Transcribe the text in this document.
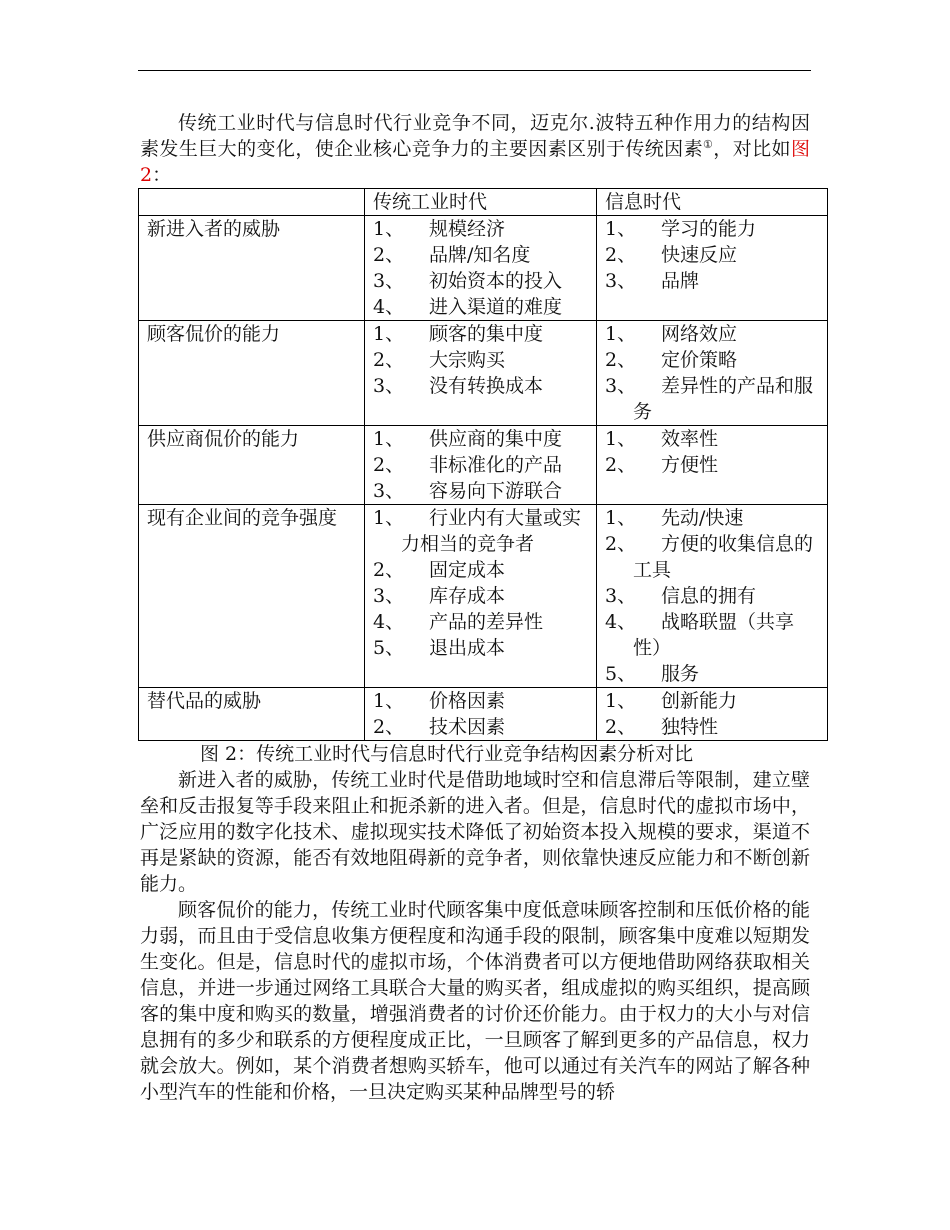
传统工业时代与信息时代行业竞争不同，迈克尔.波特五种作用力的结构因素发生巨大的变化，使企业核心竞争力的主要因素区别于传统因素①，对比如图 2：

	传统工业时代	信息时代
新进入者的威胁	1、 规模经济
2、 品牌/知名度
3、 初始资本的投入
4、 进入渠道的难度	1、 学习的能力
2、 快速反应
3、 品牌

顾客侃价的能力	1、 顾客的集中度
2、 大宗购买
3、 没有转换成本	1、 网络效应
2、 定价策略
3、 差异性的产品和服务

供应商侃价的能力	1、 供应商的集中度
2、 非标准化的产品
3、 容易向下游联合	1、 效率性
2、 方便性

现有企业间的竞争强度	1、 行业内有大量或实力相当的竞争者
2、 固定成本
3、 库存成本
4、 产品的差异性
5、 退出成本	1、 先动/快速
2、 方便的收集信息的工具
3、 信息的拥有
4、 战略联盟（共享性）
5、 服务

替代品的威胁	1、 价格因素
2、 技术因素	1、 创新能力
2、 独特性
图 2：传统工业时代与信息时代行业竞争结构因素分析对比

新进入者的威胁，传统工业时代是借助地域时空和信息滞后等限制，建立壁垒和反击报复等手段来阻止和扼杀新的进入者。但是，信息时代的虚拟市场中，广泛应用的数字化技术、虚拟现实技术降低了初始资本投入规模的要求，渠道不再是紧缺的资源，能否有效地阻碍新的竞争者，则依靠快速反应能力和不断创新能力。

顾客侃价的能力，传统工业时代顾客集中度低意味顾客控制和压低价格的能力弱，而且由于受信息收集方便程度和沟通手段的限制，顾客集中度难以短期发生变化。但是，信息时代的虚拟市场，个体消费者可以方便地借助网络获取相关信息，并进一步通过网络工具联合大量的购买者，组成虚拟的购买组织，提高顾客的集中度和购买的数量，增强消费者的讨价还价能力。由于权力的大小与对信息拥有的多少和联系的方便程度成正比，一旦顾客了解到更多的产品信息，权力就会放大。例如，某个消费者想购买轿车，他可以通过有关汽车的网站了解各种小型汽车的性能和价格，一旦决定购买某种品牌型号的轿
